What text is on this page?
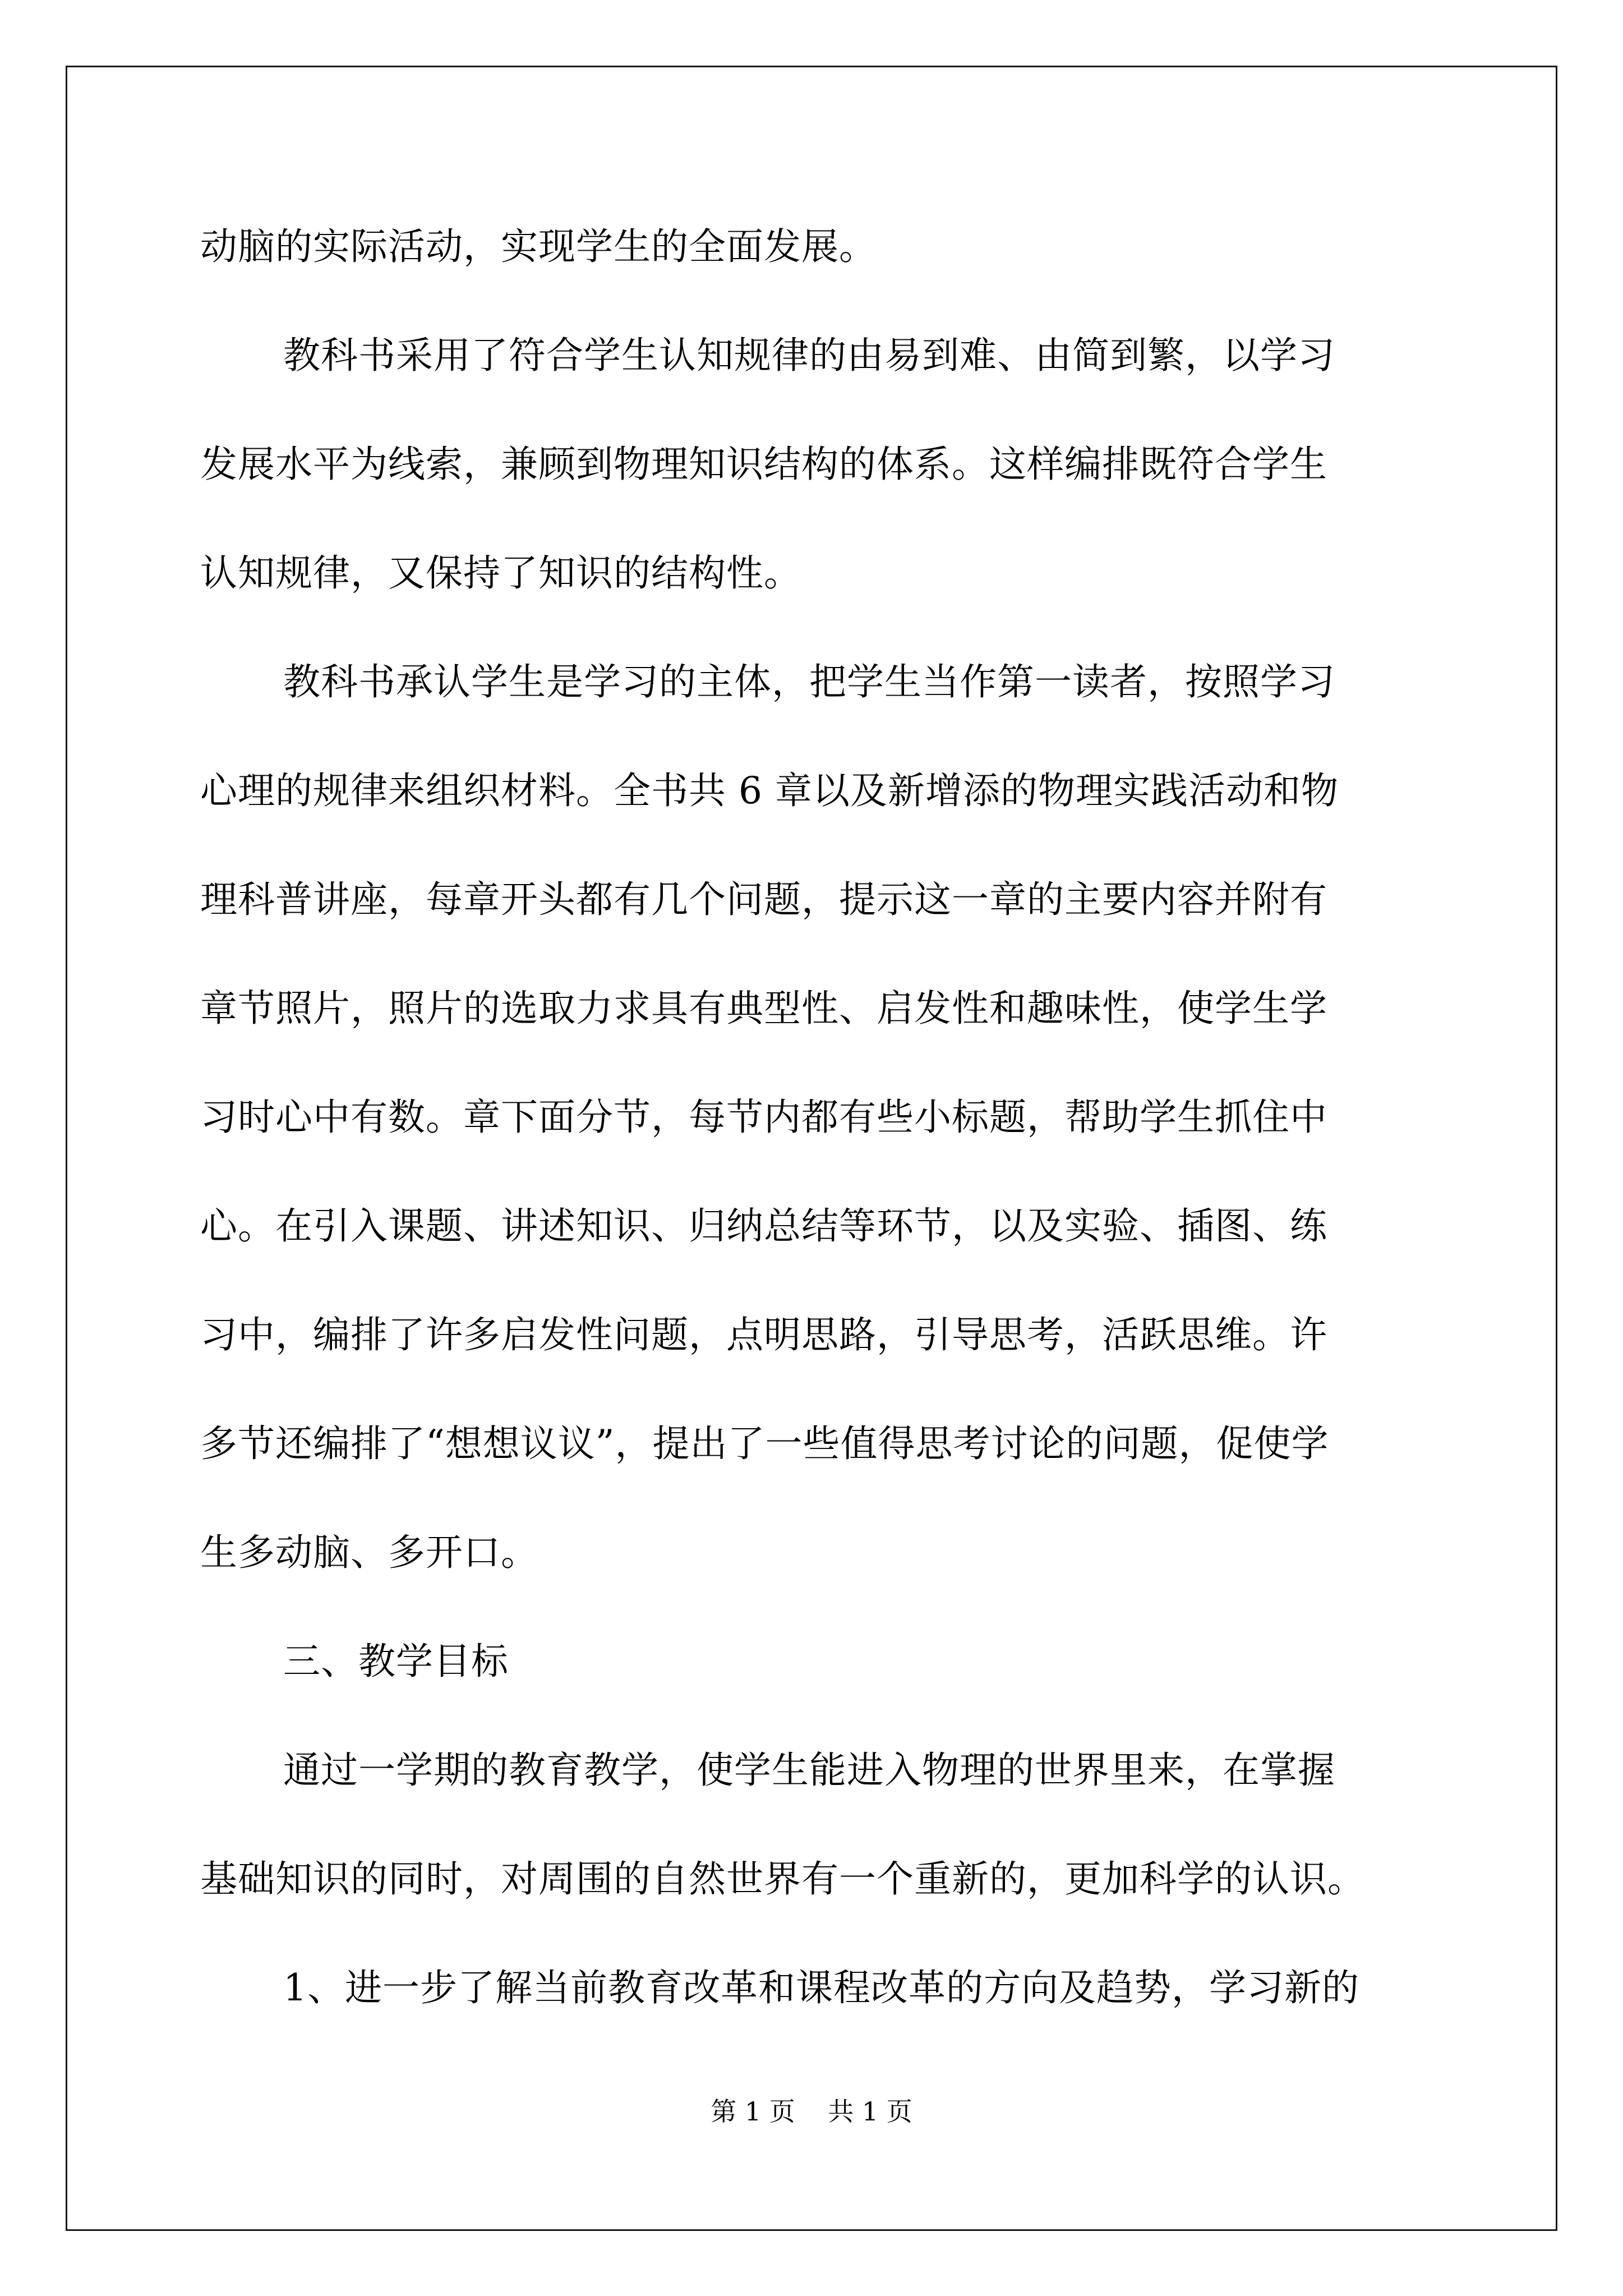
动脑的实际活动，实现学生的全面发展。
教科书采用了符合学生认知规律的由易到难、由简到繁，以学习
发展水平为线索，兼顾到物理知识结构的体系。这样编排既符合学生
认知规律，又保持了知识的结构性。
教科书承认学生是学习的主体，把学生当作第一读者，按照学习
心理的规律来组织材料。全书共 6 章以及新增添的物理实践活动和物
理科普讲座，每章开头都有几个问题，提示这一章的主要内容并附有
章节照片，照片的选取力求具有典型性、启发性和趣味性，使学生学
习时心中有数。章下面分节，每节内都有些小标题，帮助学生抓住中
心。在引入课题、讲述知识、归纳总结等环节，以及实验、插图、练
习中，编排了许多启发性问题，点明思路，引导思考，活跃思维。许
多节还编排了“想想议议”，提出了一些值得思考讨论的问题，促使学
生多动脑、多开口。
三、教学目标
通过一学期的教育教学，使学生能进入物理的世界里来，在掌握
基础知识的同时，对周围的自然世界有一个重新的，更加科学的认识。
1、进一步了解当前教育改革和课程改革的方向及趋势，学习新的
第 1 页    共 1 页
